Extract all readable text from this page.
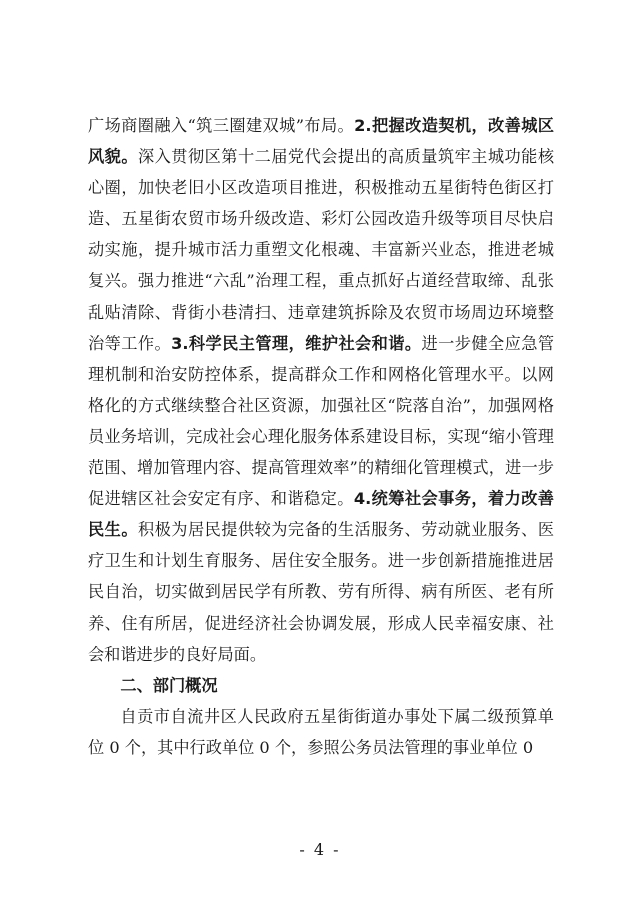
广场商圈融入“筑三圈建双城”布局。2.把握改造契机，改善城区风貌。深入贯彻区第十二届党代会提出的高质量筑牢主城功能核心圈，加快老旧小区改造项目推进，积极推动五星街特色街区打造、五星街农贸市场升级改造、彩灯公园改造升级等项目尽快启动实施，提升城市活力重塑文化根魂、丰富新兴业态，推进老城复兴。强力推进“六乱”治理工程，重点抓好占道经营取缔、乱张乱贴清除、背街小巷清扫、违章建筑拆除及农贸市场周边环境整治等工作。3.科学民主管理，维护社会和谐。进一步健全应急管理机制和治安防控体系，提高群众工作和网格化管理水平。以网格化的方式继续整合社区资源，加强社区“院落自治”，加强网格员业务培训，完成社会心理化服务体系建设目标，实现“缩小管理范围、增加管理内容、提高管理效率”的精细化管理模式，进一步促进辖区社会安定有序、和谐稳定。4.统筹社会事务，着力改善民生。积极为居民提供较为完备的生活服务、劳动就业服务、医疗卫生和计划生育服务、居住安全服务。进一步创新措施推进居民自治，切实做到居民学有所教、劳有所得、病有所医、老有所养、住有所居，促进经济社会协调发展，形成人民幸福安康、社会和谐进步的良好局面。

二、部门概况

自贡市自流井区人民政府五星街街道办事处下属二级预算单位 0 个，其中行政单位 0 个，参照公务员法管理的事业单位 0

- 4 -
